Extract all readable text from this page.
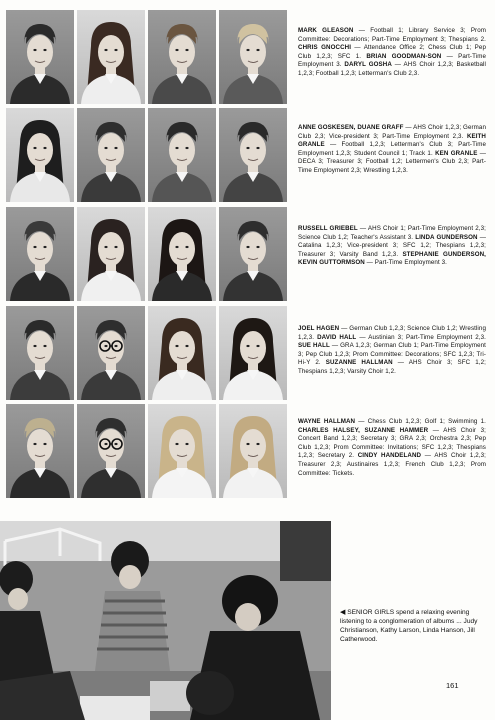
MARK GLEASON — Football 1; Library Service 3; Prom Committee: Decorations; Part-Time Employment 3; Thespians 2. CHRIS GNOCCHI — Attendance Office 2; Chess Club 1; Pep Club 1,2,3; SFC 1. BRIAN GOODMAN-SON — Part-Time Employment 3. DARYL GOSHA — AHS Choir 1,2,3; Basketball 1,2,3; Football 1,2,3; Letterman's Club 2,3.
ANNE GOSKESEN, DUANE GRAFF — AHS Choir 1,2,3; German Club 2,3; Vice-president 3; Part-Time Employment 2,3. KEITH GRANLE — Football 1,2,3; Letterman's Club 3; Part-Time Employment 1,2,3; Student Council 1; Track 1. KEN GRANLE — DECA 3; Treasurer 3; Football 1,2; Lettermen's Club 2,3; Part-Time Employment 2,3; Wrestling 1,2,3.
RUSSELL GRIEBEL — AHS Choir 1; Part-Time Employment 2,3; Science Club 1,2; Teacher's Assistant 3. LINDA GUNDERSON — Catalina 1,2,3; Vice-president 3; SFC 1,2; Thespians 1,2,3; Treasurer 3; Varsity Band 1,2,3. STEPHANIE GUNDERSON, KEVIN GUTTORMSON — Part-Time Employment 3.
JOEL HAGEN — German Club 1,2,3; Science Club 1,2; Wrestling 1,2,3. DAVID HALL — Austinian 3; Part-Time Employment 2,3. SUE HALL — GRA 1,2,3; German Club 1; Part-Time Employment 3; Pep Club 1,2,3; Prom Committee: Decorations; SFC 1,2,3; Tri-Hi-Y 2. SUZANNE HALLMAN — AHS Choir 3; SFC 1,2; Thespians 1,2,3; Varsity Choir 1,2.
WAYNE HALLMAN — Chess Club 1,2,3; Golf 1; Swimming 1. CHARLES HALSEY, SUZANNE HAMMER — AHS Choir 3; Concert Band 1,2,3; Secretary 3; GRA 2,3; Orchestra 2,3; Pep Club 1,2,3; Prom Committee: Invitations; SFC 1,2,3; Thespians 1,2,3; Secretary 2. CINDY HANDELAND — AHS Choir 1,2,3; Treasurer 2,3; Austinaires 1,2,3; French Club 1,2,3; Prom Committee: Tickets.
◀ SENIOR GIRLS spend a relaxing evening listening to a conglomeration of albums ... Judy Christianson, Kathy Larson, Linda Hanson, Jill Catherwood.
161
